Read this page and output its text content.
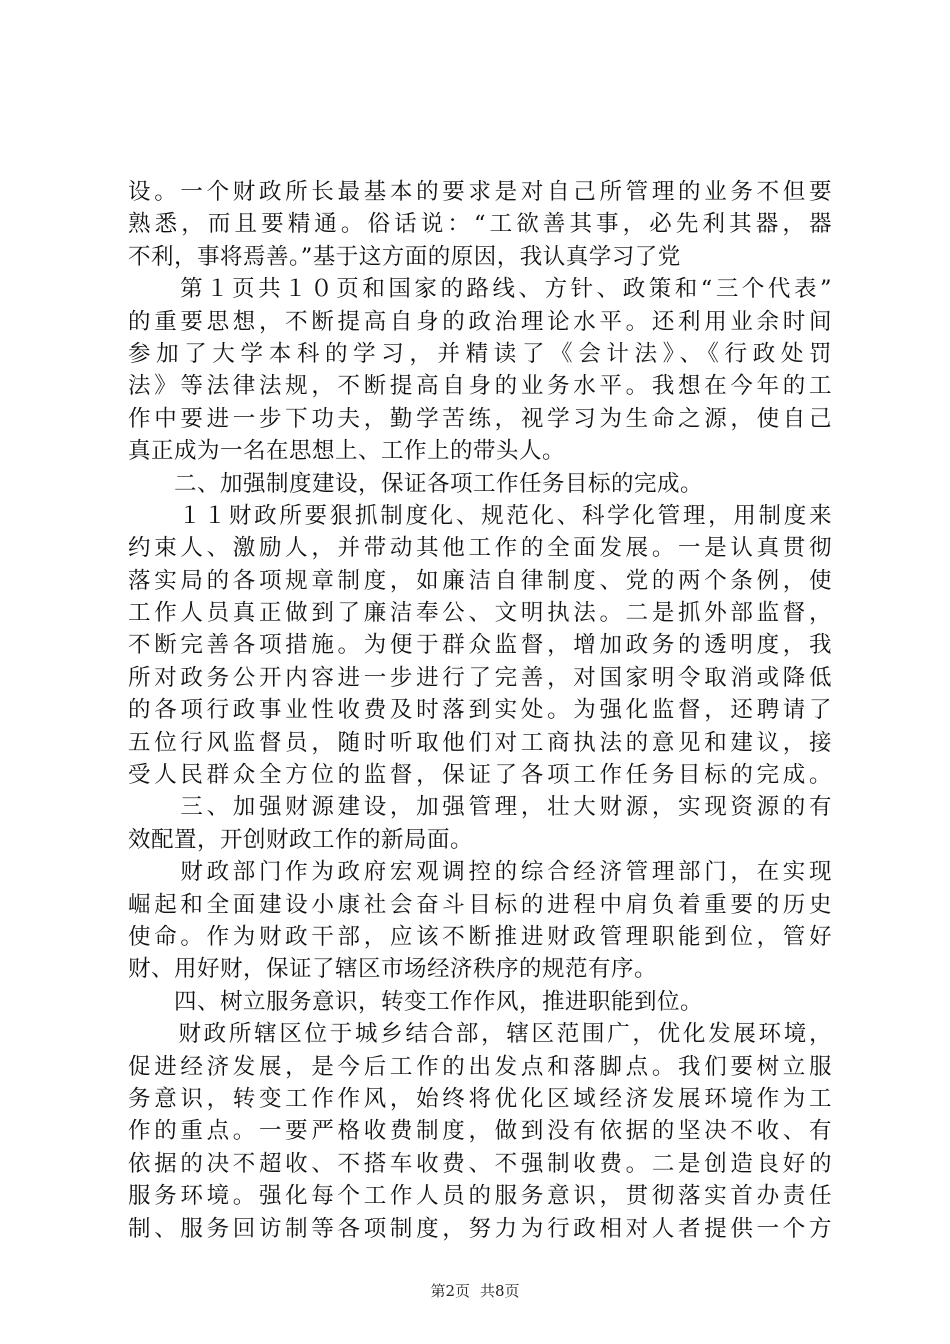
设。一个财政所长最基本的要求是对自己所管理的业务不但要
熟悉，而且要精通。俗话说：“工欲善其事，必先利其器，器
不利，事将焉善。”基于这方面的原因，我认真学习了党
　　第１页共１０页和国家的路线、方针、政策和“三个代表”
的重要思想，不断提高自身的政治理论水平。还利用业余时间
参加了大学本科的学习，并精读了《会计法》、《行政处罚
法》等法律法规，不断提高自身的业务水平。我想在今年的工
作中要进一步下功夫，勤学苦练，视学习为生命之源，使自己
真正成为一名在思想上、工作上的带头人。
　　二、加强制度建设，保证各项工作任务目标的完成。
　　１１财政所要狠抓制度化、规范化、科学化管理，用制度来
约束人、激励人，并带动其他工作的全面发展。一是认真贯彻
落实局的各项规章制度，如廉洁自律制度、党的两个条例，使
工作人员真正做到了廉洁奉公、文明执法。二是抓外部监督，
不断完善各项措施。为便于群众监督，增加政务的透明度，我
所对政务公开内容进一步进行了完善，对国家明令取消或降低
的各项行政事业性收费及时落到实处。为强化监督，还聘请了
五位行风监督员，随时听取他们对工商执法的意见和建议，接
受人民群众全方位的监督，保证了各项工作任务目标的完成。
　　三、加强财源建设，加强管理，壮大财源，实现资源的有
效配置，开创财政工作的新局面。
　　财政部门作为政府宏观调控的综合经济管理部门，在实现
崛起和全面建设小康社会奋斗目标的进程中肩负着重要的历史
使命。作为财政干部，应该不断推进财政管理职能到位，管好
财、用好财，保证了辖区市场经济秩序的规范有序。
　　四、树立服务意识，转变工作作风，推进职能到位。
　　财政所辖区位于城乡结合部，辖区范围广，优化发展环境，
促进经济发展，是今后工作的出发点和落脚点。我们要树立服
务意识，转变工作作风，始终将优化区域经济发展环境作为工
作的重点。一要严格收费制度，做到没有依据的坚决不收、有
依据的决不超收、不搭车收费、不强制收费。二是创造良好的
服务环境。强化每个工作人员的服务意识，贯彻落实首办责任
制、服务回访制等各项制度，努力为行政相对人者提供一个方
第2页 共8页
